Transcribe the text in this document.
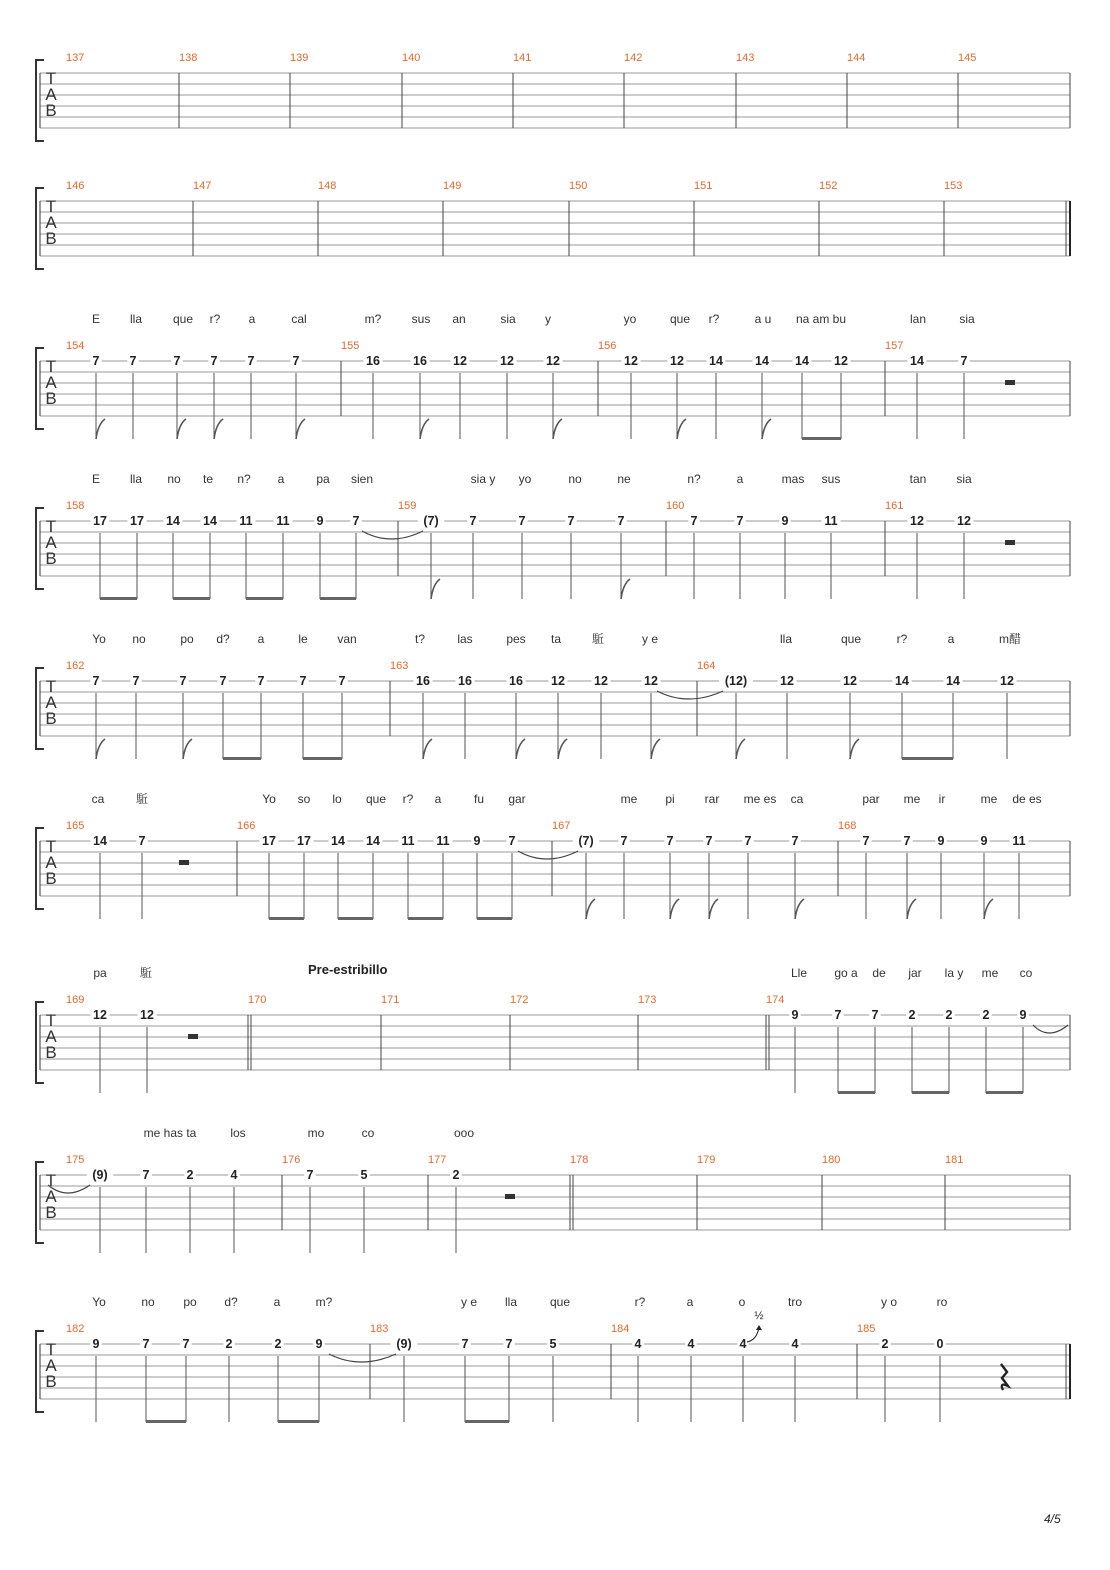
T
A
B
137	138	139	140	141	142	143	144	145
T
A
B
146	147	148	149	150	151	152	153
T
A
B
154	155	156	157
E lla	que r? a	cal	m?	sus an	sia y	yo	que r?	a u na am bu	lan	sia
7 7	7 7 7	7	16	16 12	12	12	12	12 14	14 14 12	14	7
T
A
B
158	159	160	161
E lla no te n? a	pa sien	sia y yo	no	ne	n?	a	mas sus	tan sia
17 17 14 14 11 11 9 7	(7) 7	7	7	7	7	7	9	11	12	12
T
A
B
162	163	164
Yo no	po d? a	le van	t?	las	pes ta	駈	y e	lla	que	r?	a	m醋
7	7	7	7 7	7	7	16 16	16 12 12	12	(12)	12	12	14	14	12
T
A
B
165	166	167	168
ca	駈	Yo so lo que r? a	fu gar	me pi rar me es ca	par me ir	me de es
14	7	17 17 14 14 11 11 9 7	(7) 7	7	7	7	7	7	7 9	9 11
T
A
B
169	170	171	172	173	174
Pre-estribillo
pa	駈	Lle go a de jar la y me co
12	12	9	7 7 2 2 2 9
T
A
B
175	176	177	178	179	180	181
me has ta	los	mo	co	ooo
(9)	7	2	4	7	5	2
T
A
B
182	183	184	185
Yo	no po d?	a	m?	y e lla	que	r?	a	o	tro	y o	ro
9	7	7	2	2	9	(9)	7	7	5	4	4	4	4	2	0
½
4/5
